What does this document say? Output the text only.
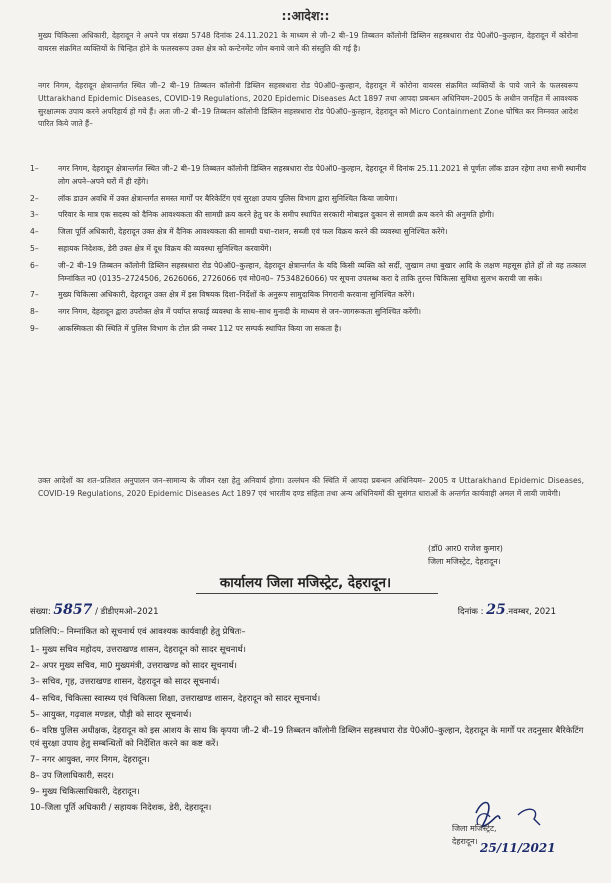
::आदेश::
मुख्य चिकित्सा अधिकारी, देहरादून ने अपने पत्र संख्या 5748 दिनांक 24.11.2021 के माध्यम से जी–2 बी–19 तिब्बतन कॉलोनी डिब्लिन सहस्त्रधारा रोड पे0ऑ0–कुल्हान, देहरादून में कोरोना वायरस संक्रमित व्यक्तियों के चिन्हित होने के फलस्वरूप उक्त क्षेत्र को कन्टेनमेंट जोन बनाये जाने की संस्तुति की गई है।
नगर निगम, देहरादून क्षेत्रान्तर्गत स्थित जी–2 बी–19 तिब्बतन कॉलोनी डिब्लिन सहस्त्रधारा रोड पे0ऑ0–कुल्हान, देहरादून में कोरोना वायरस संक्रमित व्यक्तियों के पाये जाने के फलस्वरूप Uttarakhand Epidemic Diseases, COVID-19 Regulations, 2020 Epidemic Diseases Act 1897 तथा आपदा प्रबन्धन अधिनियम–2005 के अधीन जनहित में आवश्यक सुरक्षात्मक उपाय करने अपरिहार्य हो गये हैं। अतः जी–2 बी–19 तिब्बतन कॉलोनी डिब्लिन सहस्त्रधारा रोड पे0ऑ0–कुल्हान, देहरादून को Micro Containment Zone घोषित कर निम्नवत आदेश पारित किये जाते हैं–
1–	नगर निगम, देहरादून क्षेत्रान्तर्गत स्थित जी–2 बी–19 तिब्बतन कॉलोनी डिब्लिन सहस्त्रधारा रोड पे0ऑ0–कुल्हान, देहरादून में दिनांक 25.11.2021 से पूर्णतः लॉक डाउन रहेगा तथा सभी स्थानीय लोग अपने–अपने घरों में ही रहेंगे।
2–	लॉक डाउन अवधि में उक्त क्षेत्रान्तर्गत समस्त मार्गों पर बैरिकेटिंग एवं सुरक्षा उपाय पुलिस विभाग द्वारा सुनिश्चित किया जायेगा।
3–	परिवार के मात्र एक सदस्य को दैनिक आवश्यकता की सामग्री क्रय करने हेतु घर के समीप स्थापित सरकारी मोबाइल दुकान से सामग्री क्रय करने की अनुमति होगी।
4–	जिला पूर्ति अधिकारी, देहरादून उक्त क्षेत्र में दैनिक आवश्यकता की सामग्री यथा–राशन, सब्जी एवं फल विक्रय करने की व्यवस्था सुनिश्चित करेंगे।
5–	सहायक निदेशक, डेरी उक्त क्षेत्र में दूध विक्रय की व्यवस्था सुनिश्चित करवायेंगे।
6–	जी–2 बी–19 तिब्बतन कॉलोनी डिब्लिन सहस्त्रधारा रोड पे0ऑ0–कुल्हान, देहरादून क्षेत्रान्तर्गत के यदि किसी व्यक्ति को सर्दी, जुखाम तथा बुखार आदि के लक्षण महसूस होते हों तो वह तत्काल निम्नांकित न0 (0135–2724506, 2626066, 2726066 एवं मो0न0– 7534826066) पर सूचना उपलब्ध करा दे ताकि तुरन्त चिकित्सा सुविधा सुलभ करायी जा सके।
7–	मुख्य चिकित्सा अधिकारी, देहरादून उक्त क्षेत्र में इस विषयक दिशा–निर्देशों के अनुरूप सामुदायिक निगरानी करवाना सुनिश्चित करेंगे।
8–	नगर निगम, देहरादून द्वारा उपरोक्त क्षेत्र में पर्याप्त सफाई व्यवस्था के साथ–साथ मुनादी के माध्यम से जन–जागरूकता सुनिश्चित करेंगी।
9–	आकस्मिकता की स्थिति में पुलिस विभाग के टोल फ्री नम्बर 112 पर सम्पर्क स्थापित किया जा सकता है।
उक्त आदेशों का शत–प्रतिशत अनुपालन जन–सामान्य के जीवन रक्षा हेतु अनिवार्य होगा। उल्लंघन की स्थिति में आपदा प्रबन्धन अधिनियम– 2005 व Uttarakhand Epidemic Diseases, COVID-19 Regulations, 2020 Epidemic Diseases Act 1897 एवं भारतीय दण्ड संहिता तथा अन्य अधिनियमों की सुसंगत धाराओं के अन्तर्गत कार्यवाही अमल में लायी जायेगी।
(डॉ0 आर0 राजेश कुमार)
जिला मजिस्ट्रेट, देहरादून।
कार्यालय जिला मजिस्ट्रेट, देहरादून।
संख्या: 5857 / डीडीएमओ–2021	दिनांक : 25.नवम्बर, 2021
प्रतिलिपि:– निम्नांकित को सूचनार्थ एवं आवश्यक कार्यवाही हेतु प्रेषितः–
1– मुख्य सचिव महोदय, उत्तराखण्ड शासन, देहरादून को सादर सूचनार्थ।
2– अपर मुख्य सचिव, मा0 मुख्यमंत्री, उत्तराखण्ड को सादर सूचनार्थ।
3– सचिव, गृह, उत्तराखण्ड शासन, देहरादून को सादर सूचनार्थ।
4– सचिव, चिकित्सा स्वास्थ्य एवं चिकित्सा शिक्षा, उत्तराखण्ड शासन, देहरादून को सादर सूचनार्थ।
5– आयुक्त, गढ़वाल मण्डल, पौड़ी को सादर सूचनार्थ।
6– वरिष्ठ पुलिस अधीक्षक, देहरादून को इस आशय के साथ कि कृपया जी–2 बी–19 तिब्बतन कॉलोनी डिब्लिन सहस्त्रधारा रोड पे0ऑ0–कुल्हान, देहरादून के मार्गों पर तदनुसार बैरिकेटिंग एवं सुरक्षा उपाय हेतु सम्बन्धितों को निर्देशित करने का कष्ट करें।
7– नगर आयुक्त, नगर निगम, देहरादून।
8– उप जिलाधिकारी, सदर।
9– मुख्य चिकित्साधिकारी, देहरादून।
10–जिला पूर्ति अधिकारी / सहायक निदेशक, डेरी, देहरादून।
जिला मजिस्ट्रेट,
देहरादून। 25/11/2021
